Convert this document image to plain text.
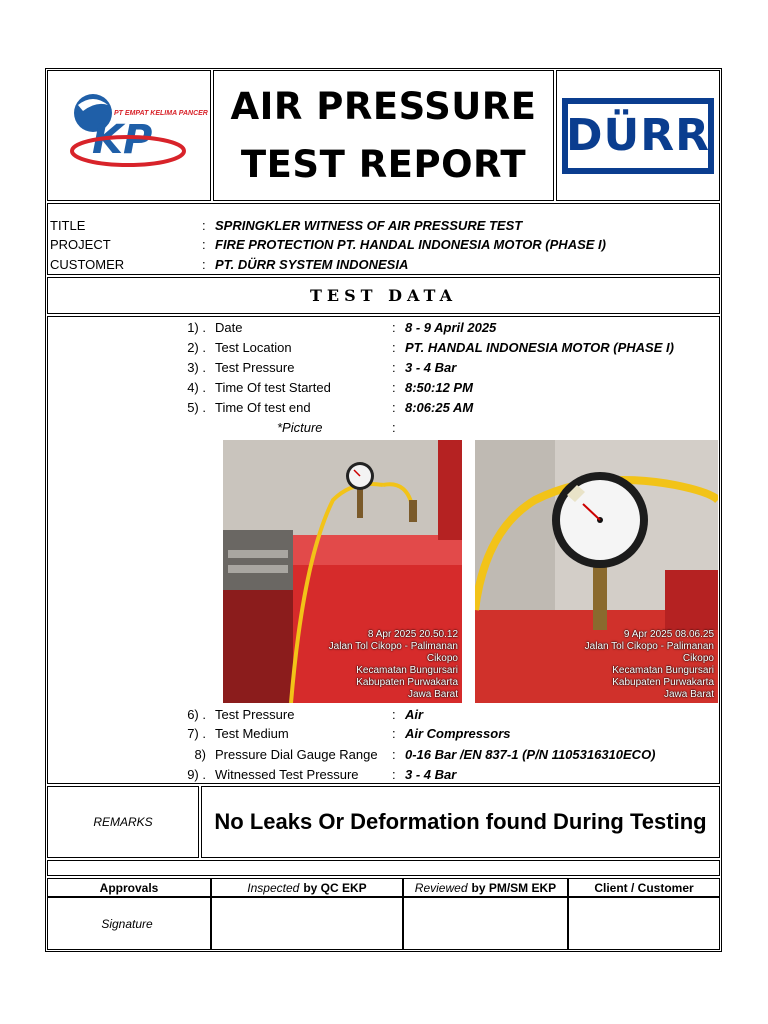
PT EMPAT KELIMA PANCER
KP
AIR PRESSURE
TEST REPORT
DÜRR
TITLE	: SPRINGKLER WITNESS OF AIR PRESSURE TEST
PROJECT	: FIRE PROTECTION PT. HANDAL INDONESIA MOTOR (PHASE I)
CUSTOMER	: PT. DÜRR SYSTEM INDONESIA
TEST DATA
1) . Date	: 8 - 9 April 2025
2) . Test Location	: PT. HANDAL INDONESIA MOTOR (PHASE I)
3) . Test Pressure	: 3 - 4 Bar
4) . Time Of test Started	: 8:50:12 PM
5) . Time Of test end	: 8:06:25 AM
*Picture	:
8 Apr 2025 20.50.12
Jalan Tol Cikopo - Palimanan
Cikopo
Kecamatan Bungursari
Kabupaten Purwakarta
Jawa Barat
9 Apr 2025 08.06.25
Jalan Tol Cikopo - Palimanan
Cikopo
Kecamatan Bungursari
Kabupaten Purwakarta
Jawa Barat
6) . Test Pressure	: Air
7) . Test Medium	: Air Compressors
8) Pressure Dial Gauge Range : 0-16 Bar /EN 837-1 (P/N 1105316310ECO)
9) . Witnessed Test Pressure	: 3 - 4 Bar
REMARKS	No Leaks Or Deformation found During Testing
Approvals	Inspected by QC EKP	Reviewed by PM/SM EKP	Client / Customer
Signature
